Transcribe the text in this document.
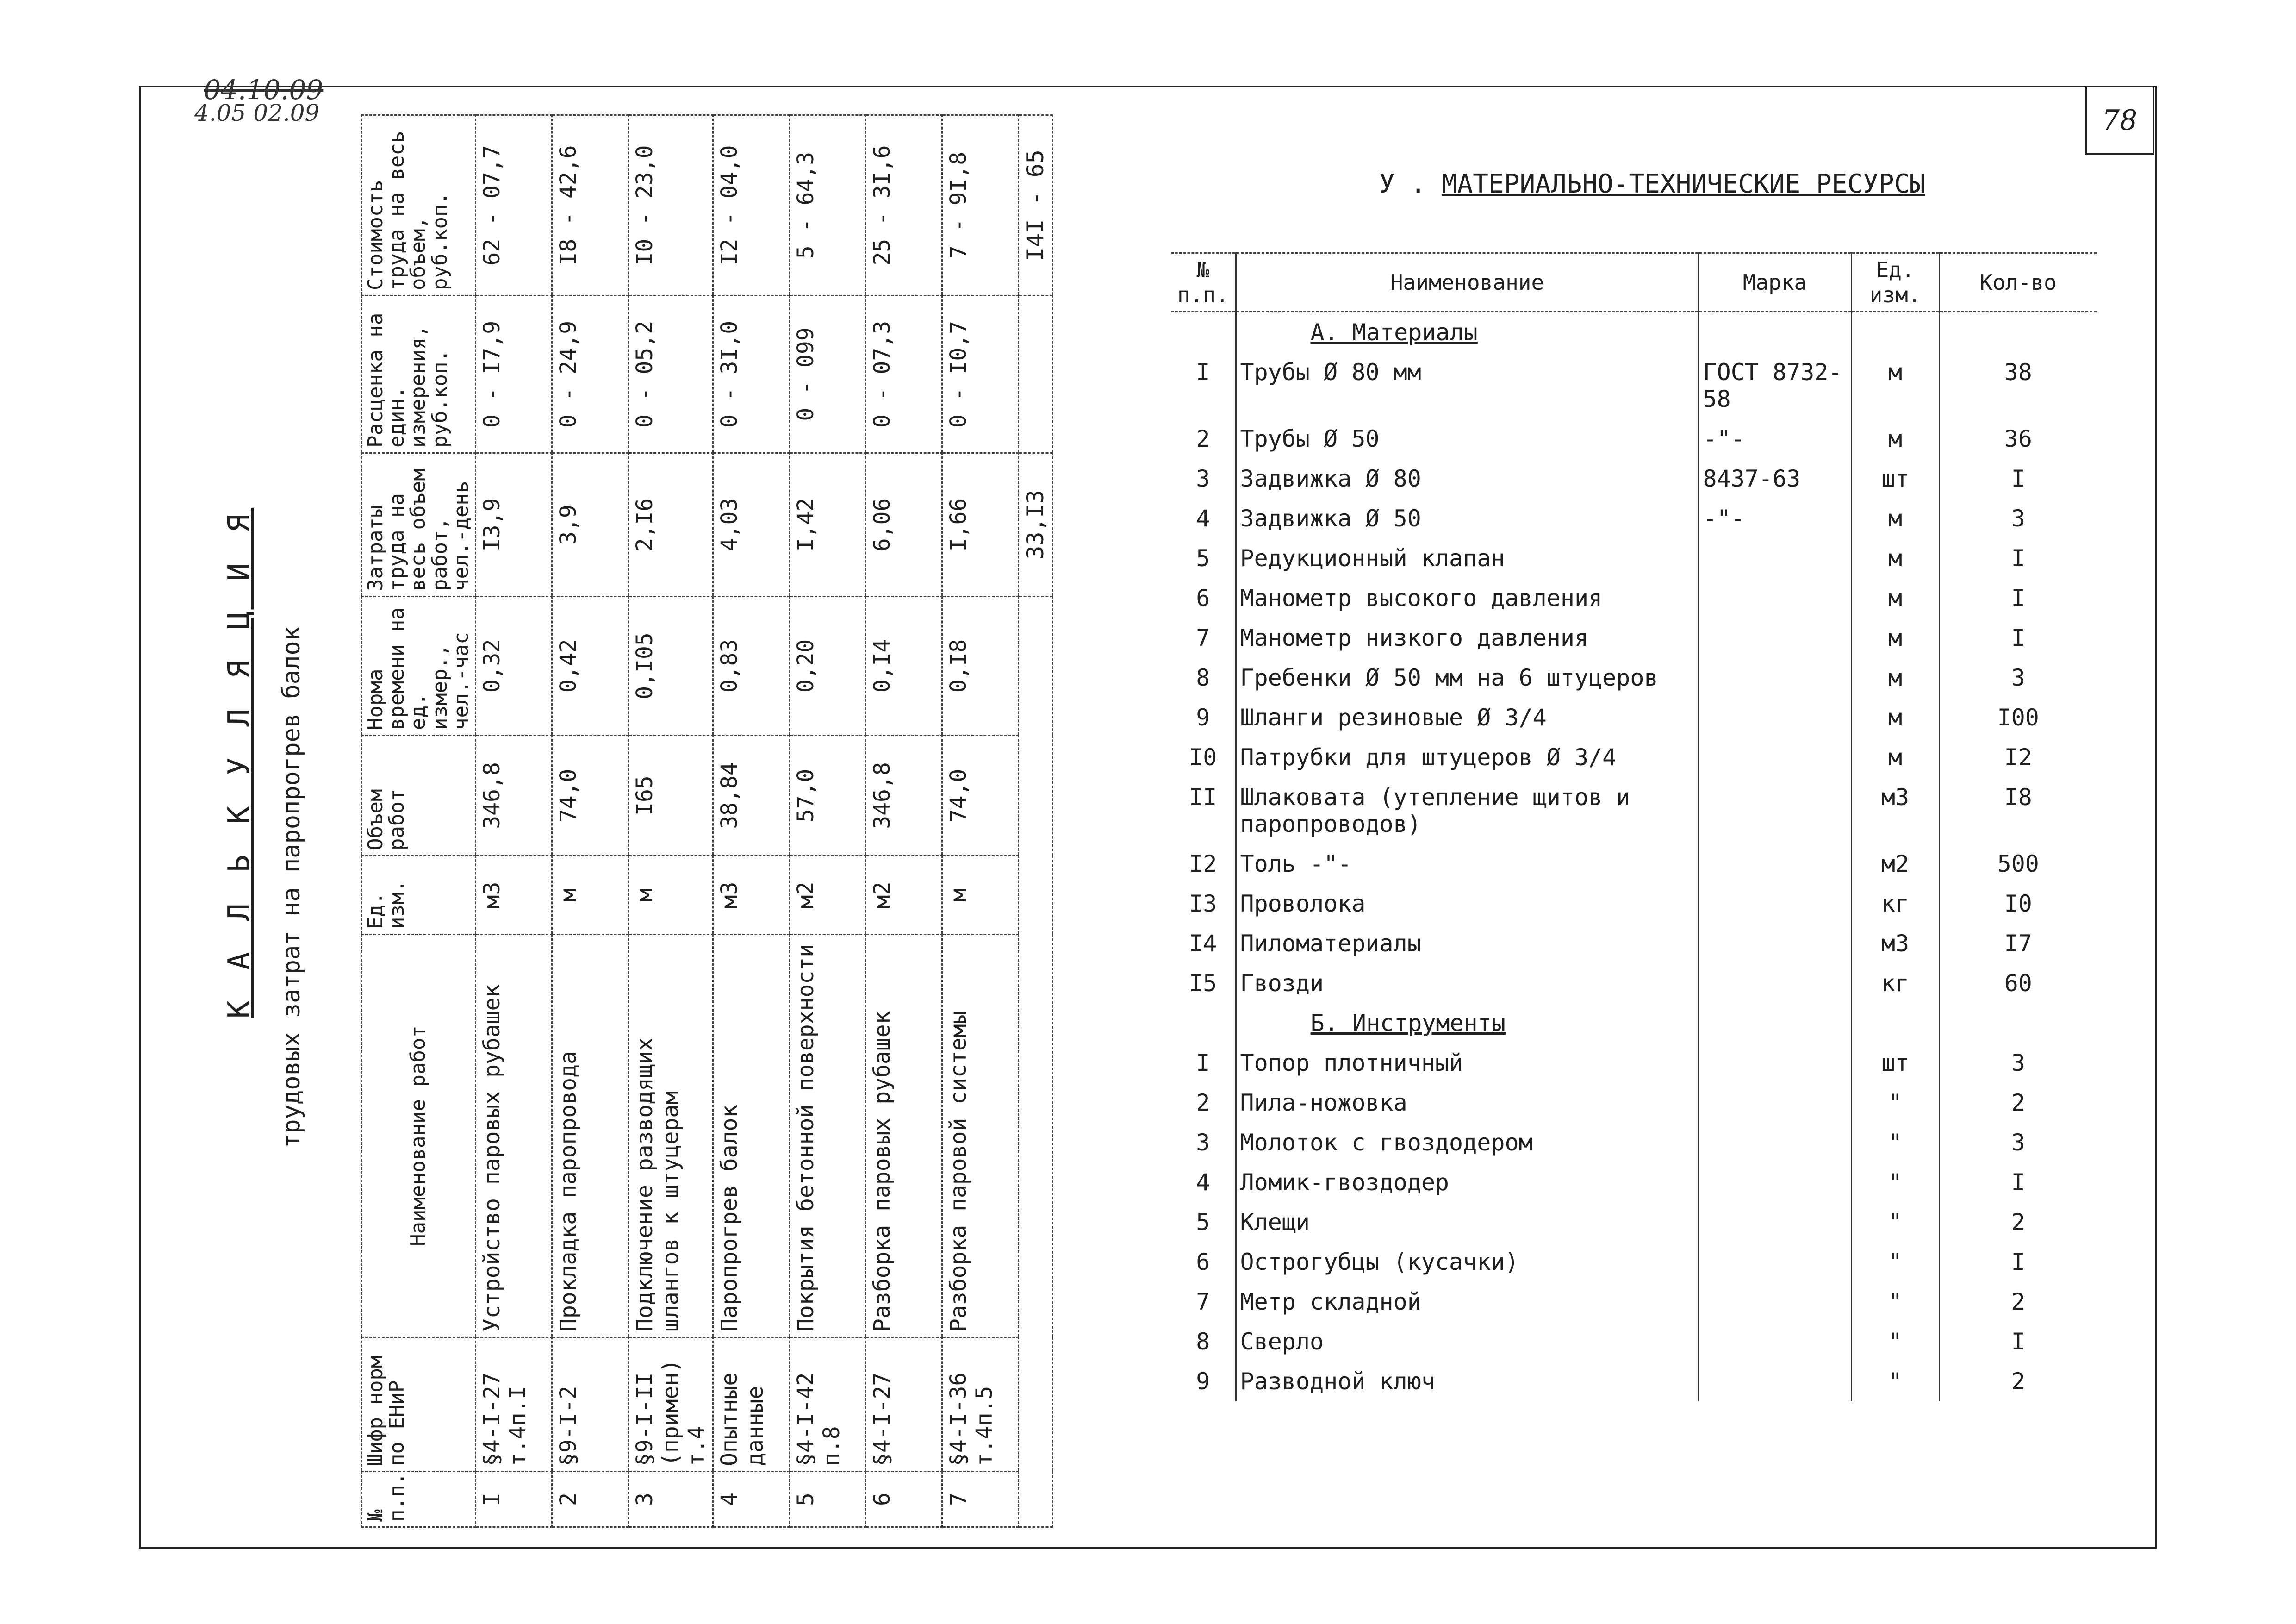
04.10.09
4.05 02.09	78
К А Л Ь К У Л Я Ц И Я трудовых затрат на паропрогрев балок
№ п.п.	Шифр норм по ЕНиР	Наименование работ	Ед. изм.	Объем работ	Норма времени на ед. измер., чел.-час	Затраты труда на весь объем работ, чел.-день	Расценка на един. измерения, руб.коп.	Стоимость труда на весь объем, руб.коп.
I	§4-I-27 т.4п.I	Устройство паровых рубашек	м3	346,8	0,32	I3,9	0 - I7,9	62 - 07,7
2	§9-I-2	Прокладка паропровода	м	74,0	0,42	3,9	0 - 24,9	I8 - 42,6
3	§9-I-II (примен) т.4	Подключение разводящих шлангов к штуцерам	м	I65	0,I05	2,I6	0 - 05,2	I0 - 23,0
4	Опытные данные	Паропрогрев балок	м3	38,84	0,83	4,03	0 - 3I,0	I2 - 04,0
5	§4-I-42 п.8	Покрытия бетонной поверхности	м2	57,0	0,20	I,42	0 - 099	5 - 64,3
6	§4-I-27	Разборка паровых рубашек	м2	346,8	0,I4	6,06	0 - 07,3	25 - 3I,6
7	§4-I-36 т.4п.5	Разборка паровой системы	м	74,0	0,I8	I,66	0 - I0,7	7 - 9I,8
						33,I3		I4I - 65	У . МАТЕРИАЛЬНО-ТЕХНИЧЕСКИЕ РЕСУРСЫ
№ п.п.	Наименование	Марка	Ед. изм.	Кол-во
	А. Материалы			
I	Трубы Ø 80 мм	ГОСТ 8732-58	м	38
2	Трубы Ø 50	-"-	м	36
3	Задвижка Ø 80	8437-63	шт	I
4	Задвижка Ø 50	-"-	м	3
5	Редукционный клапан		м	I
6	Манометр высокого давления		м	I
7	Манометр низкого давления		м	I
8	Гребенки Ø 50 мм на 6 штуцеров		м	3
9	Шланги резиновые Ø 3/4		м	I00
I0	Патрубки для штуцеров Ø 3/4		м	I2
II	Шлаковата (утепление щитов и паропроводов)		м3	I8
I2	Толь -"-		м2	500
I3	Проволока		кг	I0
I4	Пиломатериалы		м3	I7
I5	Гвозди		кг	60
	Б. Инструменты			
I	Топор плотничный		шт	3
2	Пила-ножовка		"	2
3	Молоток с гвоздодером		"	3
4	Ломик-гвоздодер		"	I
5	Клещи		"	2
6	Острогубцы (кусачки)		"	I
7	Метр складной		"	2
8	Сверло		"	I
9	Разводной ключ		"	2
